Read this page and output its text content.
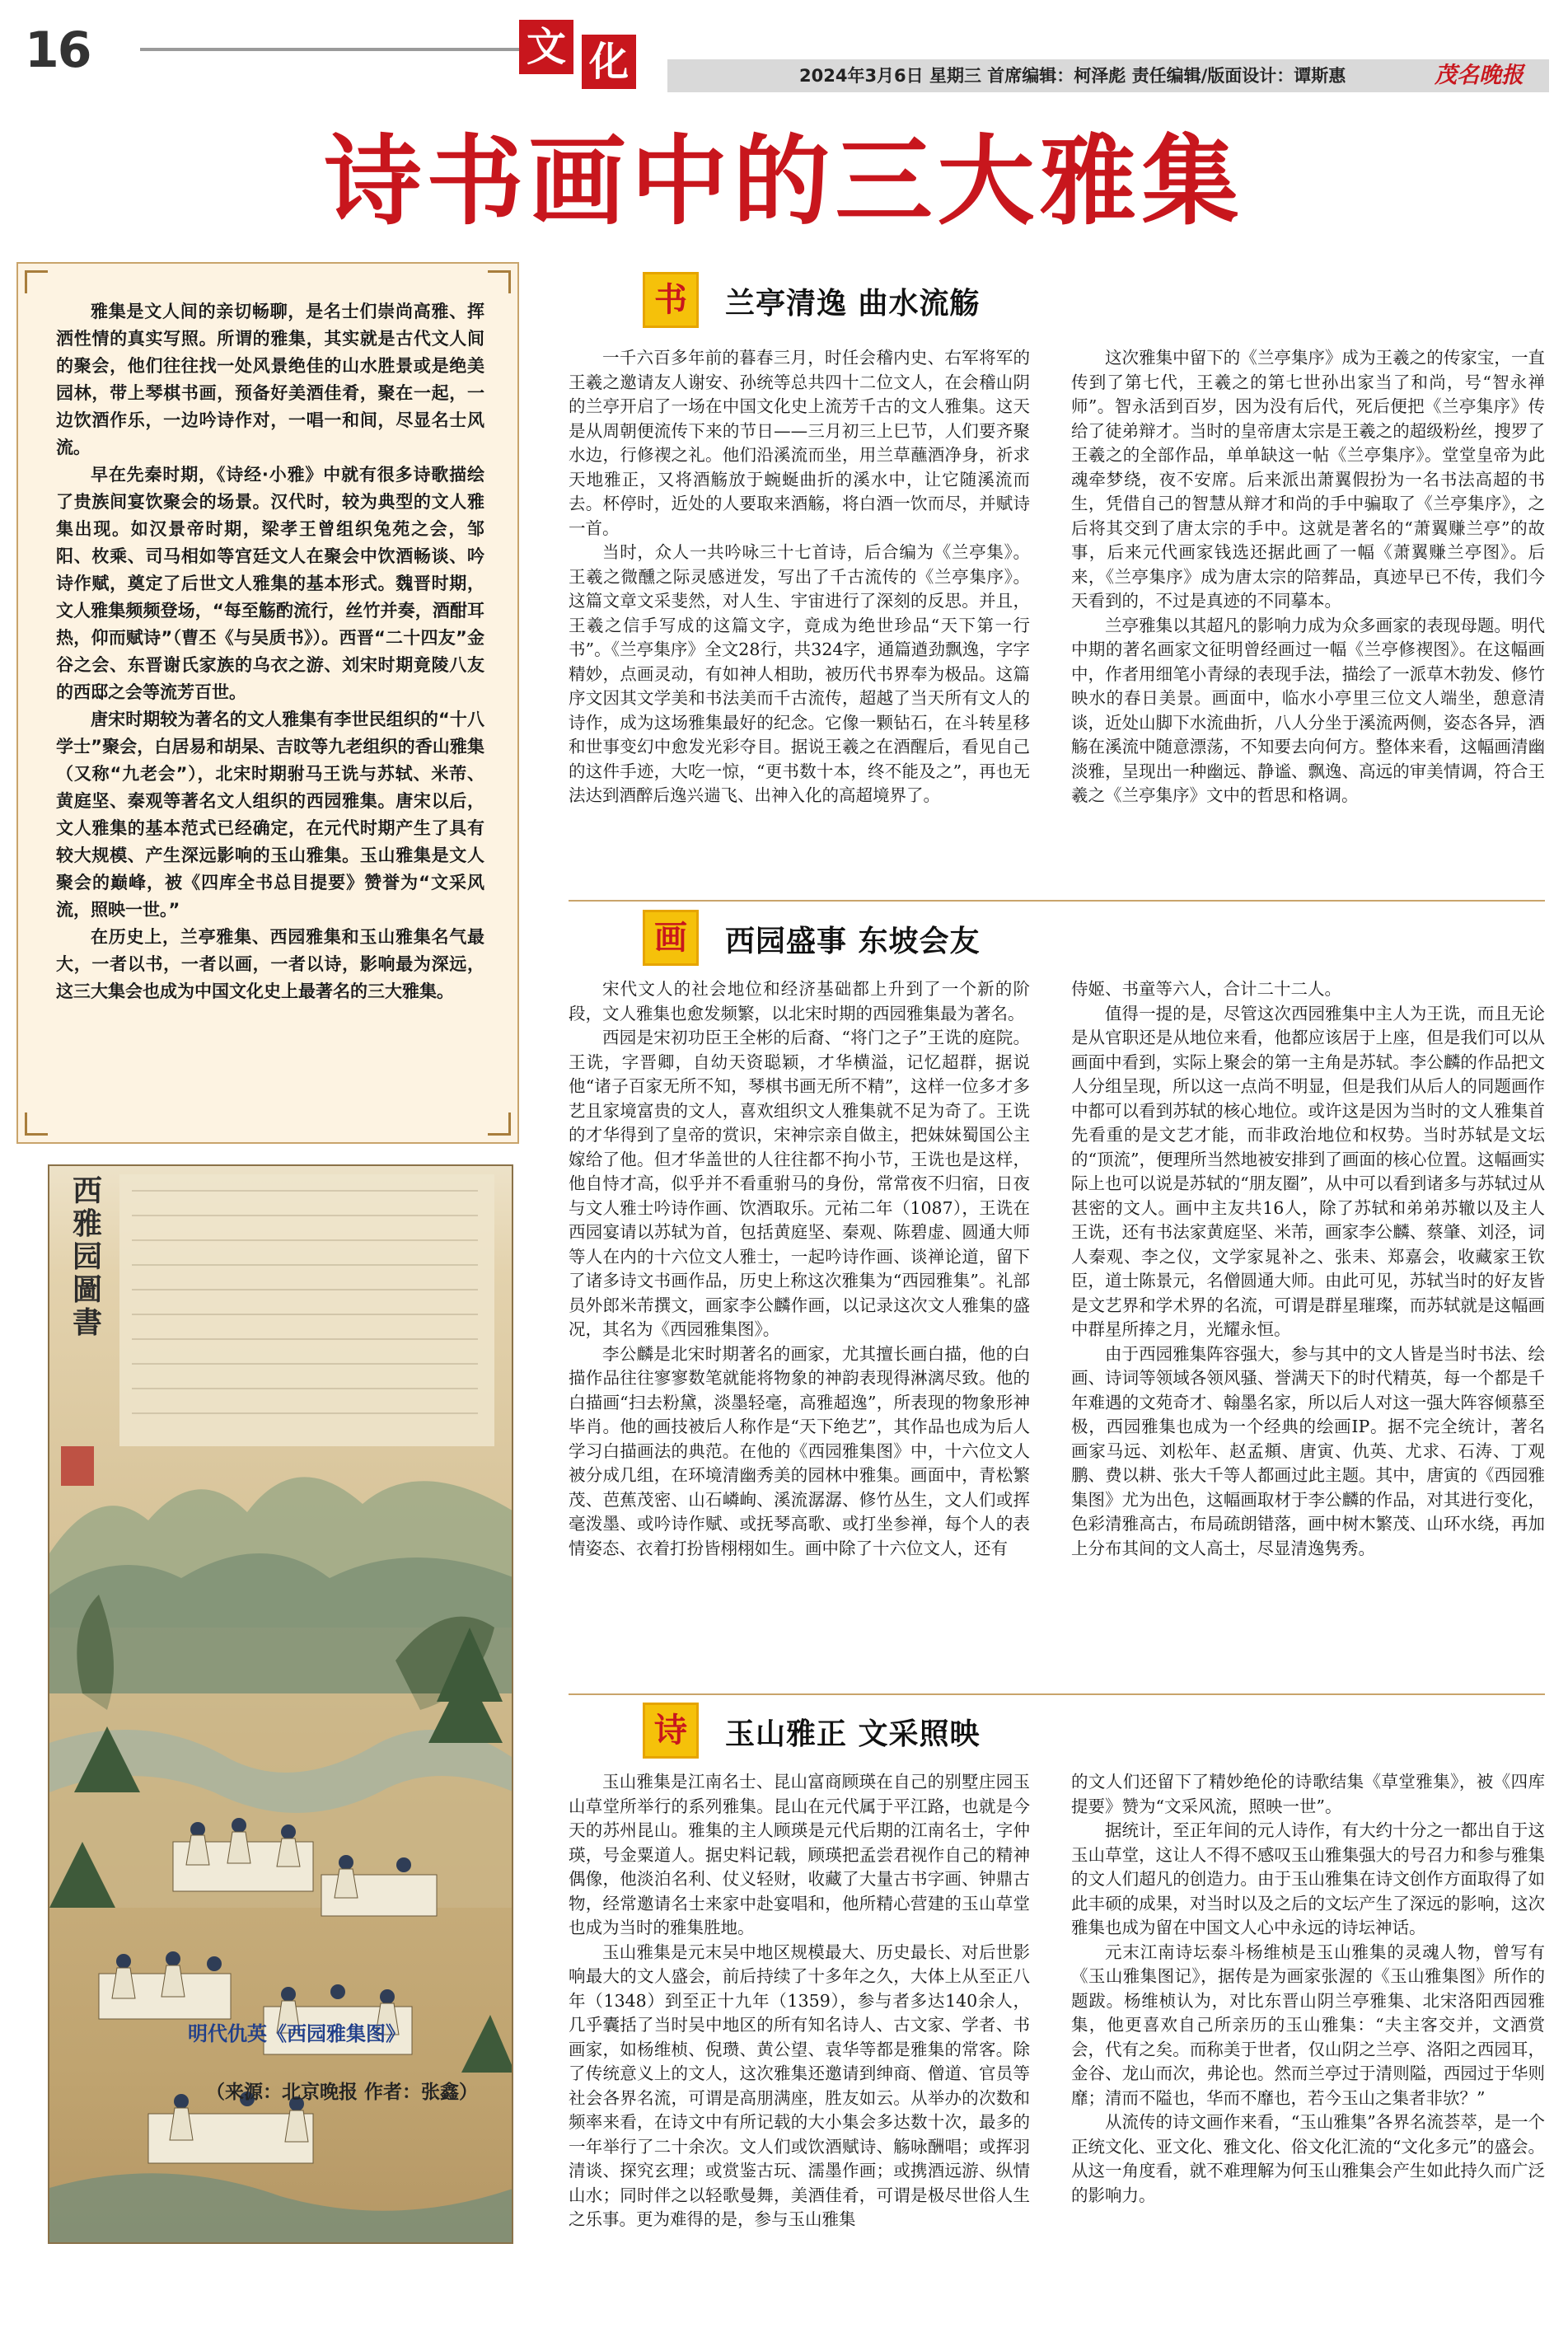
16	文 化	2024年3月6日 星期三 首席编辑：柯泽彪 责任编辑/版面设计：谭斯惠	茂名晚报
诗书画中的三大雅集

雅集是文人间的亲切畅聊，是名士们崇尚高雅、挥洒性情的真实写照。所谓的雅集，其实就是古代文人间的聚会，他们往往找一处风景绝佳的山水胜景或是绝美园林，带上琴棋书画，预备好美酒佳肴，聚在一起，一边饮酒作乐，一边吟诗作对，一唱一和间，尽显名士风流。

早在先秦时期，《诗经·小雅》中就有很多诗歌描绘了贵族间宴饮聚会的场景。汉代时，较为典型的文人雅集出现。如汉景帝时期，梁孝王曾组织兔苑之会，邹阳、枚乘、司马相如等宫廷文人在聚会中饮酒畅谈、吟诗作赋，奠定了后世文人雅集的基本形式。魏晋时期，文人雅集频频登场，“每至觞酌流行，丝竹并奏，酒酣耳热，仰而赋诗”（曹丕《与吴质书》）。西晋“二十四友”金谷之会、东晋谢氏家族的乌衣之游、刘宋时期竟陵八友的西邸之会等流芳百世。

唐宋时期较为著名的文人雅集有李世民组织的“十八学士”聚会，白居易和胡杲、吉旼等九老组织的香山雅集（又称“九老会”），北宋时期驸马王诜与苏轼、米芾、黄庭坚、秦观等著名文人组织的西园雅集。唐宋以后，文人雅集的基本范式已经确定，在元代时期产生了具有较大规模、产生深远影响的玉山雅集。玉山雅集是文人聚会的巅峰，被《四库全书总目提要》赞誉为“文采风流，照映一世。”

在历史上，兰亭雅集、西园雅集和玉山雅集名气最大，一者以书，一者以画，一者以诗，影响最为深远，这三大集会也成为中国文化史上最著名的三大雅集。

西雅园圖書
明代仇英《西园雅集图》
（来源：北京晚报 作者：张鑫）
书	兰亭清逸 曲水流觞

一千六百多年前的暮春三月，时任会稽内史、右军将军的王羲之邀请友人谢安、孙统等总共四十二位文人，在会稽山阴的兰亭开启了一场在中国文化史上流芳千古的文人雅集。这天是从周朝便流传下来的节日——三月初三上巳节，人们要齐聚水边，行修禊之礼。他们沿溪流而坐，用兰草蘸酒净身，祈求天地雅正，又将酒觞放于蜿蜒曲折的溪水中，让它随溪流而去。杯停时，近处的人要取来酒觞，将白酒一饮而尽，并赋诗一首。

当时，众人一共吟咏三十七首诗，后合编为《兰亭集》。王羲之微醺之际灵感迸发，写出了千古流传的《兰亭集序》。这篇文章文采斐然，对人生、宇宙进行了深刻的反思。并且，王羲之信手写成的这篇文字，竟成为绝世珍品“天下第一行书”。《兰亭集序》全文28行，共324字，通篇遒劲飘逸，字字精妙，点画灵动，有如神人相助，被历代书界奉为极品。这篇序文因其文学美和书法美而千古流传，超越了当天所有文人的诗作，成为这场雅集最好的纪念。它像一颗钻石，在斗转星移和世事变幻中愈发光彩夺目。据说王羲之在酒醒后，看见自己的这件手迹，大吃一惊，“更书数十本，终不能及之”，再也无法达到酒醉后逸兴遄飞、出神入化的高超境界了。

这次雅集中留下的《兰亭集序》成为王羲之的传家宝，一直传到了第七代，王羲之的第七世孙出家当了和尚，号“智永禅师”。智永活到百岁，因为没有后代，死后便把《兰亭集序》传给了徒弟辩才。当时的皇帝唐太宗是王羲之的超级粉丝，搜罗了王羲之的全部作品，单单缺这一帖《兰亭集序》。堂堂皇帝为此魂牵梦绕，夜不安席。后来派出萧翼假扮为一名书法高超的书生，凭借自己的智慧从辩才和尚的手中骗取了《兰亭集序》，之后将其交到了唐太宗的手中。这就是著名的“萧翼赚兰亭”的故事，后来元代画家钱选还据此画了一幅《萧翼赚兰亭图》。后来，《兰亭集序》成为唐太宗的陪葬品，真迹早已不传，我们今天看到的，不过是真迹的不同摹本。

兰亭雅集以其超凡的影响力成为众多画家的表现母题。明代中期的著名画家文征明曾经画过一幅《兰亭修禊图》。在这幅画中，作者用细笔小青绿的表现手法，描绘了一派草木勃发、修竹映水的春日美景。画面中，临水小亭里三位文人端坐，憩意清谈，近处山脚下水流曲折，八人分坐于溪流两侧，姿态各异，酒觞在溪流中随意漂荡，不知要去向何方。整体来看，这幅画清幽淡雅，呈现出一种幽远、静谧、飘逸、高远的审美情调，符合王羲之《兰亭集序》文中的哲思和格调。

画	西园盛事 东坡会友

宋代文人的社会地位和经济基础都上升到了一个新的阶段，文人雅集也愈发频繁，以北宋时期的西园雅集最为著名。

西园是宋初功臣王全彬的后裔、“将门之子”王诜的庭院。王诜，字晋卿，自幼天资聪颖，才华横溢，记忆超群，据说他“诸子百家无所不知，琴棋书画无所不精”，这样一位多才多艺且家境富贵的文人，喜欢组织文人雅集就不足为奇了。王诜的才华得到了皇帝的赏识，宋神宗亲自做主，把妹妹蜀国公主嫁给了他。但才华盖世的人往往都不拘小节，王诜也是这样，他自恃才高，似乎并不看重驸马的身份，常常夜不归宿，日夜与文人雅士吟诗作画、饮酒取乐。元祐二年（1087），王诜在西园宴请以苏轼为首，包括黄庭坚、秦观、陈碧虚、圆通大师等人在内的十六位文人雅士，一起吟诗作画、谈禅论道，留下了诸多诗文书画作品，历史上称这次雅集为“西园雅集”。礼部员外郎米芾撰文，画家李公麟作画，以记录这次文人雅集的盛况，其名为《西园雅集图》。

李公麟是北宋时期著名的画家，尤其擅长画白描，他的白描作品往往寥寥数笔就能将物象的神韵表现得淋漓尽致。他的白描画“扫去粉黛，淡墨轻毫，高雅超逸”，所表现的物象形神毕肖。他的画技被后人称作是“天下绝艺”，其作品也成为后人学习白描画法的典范。在他的《西园雅集图》中，十六位文人被分成几组，在环境清幽秀美的园林中雅集。画面中，青松繁茂、芭蕉茂密、山石嶙峋、溪流潺潺、修竹丛生，文人们或挥毫泼墨、或吟诗作赋、或抚琴高歌、或打坐参禅，每个人的表情姿态、衣着打扮皆栩栩如生。画中除了十六位文人，还有

侍姬、书童等六人，合计二十二人。

值得一提的是，尽管这次西园雅集中主人为王诜，而且无论是从官职还是从地位来看，他都应该居于上座，但是我们可以从画面中看到，实际上聚会的第一主角是苏轼。李公麟的作品把文人分组呈现，所以这一点尚不明显，但是我们从后人的同题画作中都可以看到苏轼的核心地位。或许这是因为当时的文人雅集首先看重的是文艺才能，而非政治地位和权势。当时苏轼是文坛的“顶流”，便理所当然地被安排到了画面的核心位置。这幅画实际上也可以说是苏轼的“朋友圈”，从中可以看到诸多与苏轼过从甚密的文人。画中主友共16人，除了苏轼和弟弟苏辙以及主人王诜，还有书法家黄庭坚、米芾，画家李公麟、蔡肇、刘泾，词人秦观、李之仪，文学家晁补之、张耒、郑嘉会，收藏家王钦臣，道士陈景元，名僧圆通大师。由此可见，苏轼当时的好友皆是文艺界和学术界的名流，可谓是群星璀璨，而苏轼就是这幅画中群星所捧之月，光耀永恒。

由于西园雅集阵容强大，参与其中的文人皆是当时书法、绘画、诗词等领域各领风骚、誉满天下的时代精英，每一个都是千年难遇的文苑奇才、翰墨名家，所以后人对这一强大阵容倾慕至极，西园雅集也成为一个经典的绘画IP。据不完全统计，著名画家马远、刘松年、赵孟頫、唐寅、仇英、尤求、石涛、丁观鹏、费以耕、张大千等人都画过此主题。其中，唐寅的《西园雅集图》尤为出色，这幅画取材于李公麟的作品，对其进行变化，色彩清雅高古，布局疏朗错落，画中树木繁茂、山环水绕，再加上分布其间的文人高士，尽显清逸隽秀。

诗	玉山雅正 文采照映

玉山雅集是江南名士、昆山富商顾瑛在自己的别墅庄园玉山草堂所举行的系列雅集。昆山在元代属于平江路，也就是今天的苏州昆山。雅集的主人顾瑛是元代后期的江南名士，字仲瑛，号金粟道人。据史料记载，顾瑛把孟尝君视作自己的精神偶像，他淡泊名利、仗义轻财，收藏了大量古书字画、钟鼎古物，经常邀请名士来家中赴宴唱和，他所精心营建的玉山草堂也成为当时的雅集胜地。

玉山雅集是元末吴中地区规模最大、历史最长、对后世影响最大的文人盛会，前后持续了十多年之久，大体上从至正八年（1348）到至正十九年（1359），参与者多达140余人，几乎囊括了当时吴中地区的所有知名诗人、古文家、学者、书画家，如杨维桢、倪瓒、黄公望、袁华等都是雅集的常客。除了传统意义上的文人，这次雅集还邀请到绅商、僧道、官员等社会各界名流，可谓是高朋满座，胜友如云。从举办的次数和频率来看，在诗文中有所记载的大小集会多达数十次，最多的一年举行了二十余次。文人们或饮酒赋诗、觞咏酬唱；或挥羽清谈、探究玄理；或赏鉴古玩、濡墨作画；或携酒远游、纵情山水；同时伴之以轻歌曼舞，美酒佳肴，可谓是极尽世俗人生之乐事。更为难得的是，参与玉山雅集

的文人们还留下了精妙绝伦的诗歌结集《草堂雅集》，被《四库提要》赞为“文采风流，照映一世”。

据统计，至正年间的元人诗作，有大约十分之一都出自于这玉山草堂，这让人不得不感叹玉山雅集强大的号召力和参与雅集的文人们超凡的创造力。由于玉山雅集在诗文创作方面取得了如此丰硕的成果，对当时以及之后的文坛产生了深远的影响，这次雅集也成为留在中国文人心中永远的诗坛神话。

元末江南诗坛泰斗杨维桢是玉山雅集的灵魂人物，曾写有《玉山雅集图记》，据传是为画家张渥的《玉山雅集图》所作的题跋。杨维桢认为，对比东晋山阴兰亭雅集、北宋洛阳西园雅集，他更喜欢自己所亲历的玉山雅集：“夫主客交并，文酒赏会，代有之矣。而称美于世者，仅山阴之兰亭、洛阳之西园耳，金谷、龙山而次，弗论也。然而兰亭过于清则隘，西园过于华则靡；清而不隘也，华而不靡也，若今玉山之集者非欤？”

从流传的诗文画作来看，“玉山雅集”各界名流荟萃，是一个正统文化、亚文化、雅文化、俗文化汇流的“文化多元”的盛会。从这一角度看，就不难理解为何玉山雅集会产生如此持久而广泛的影响力。
